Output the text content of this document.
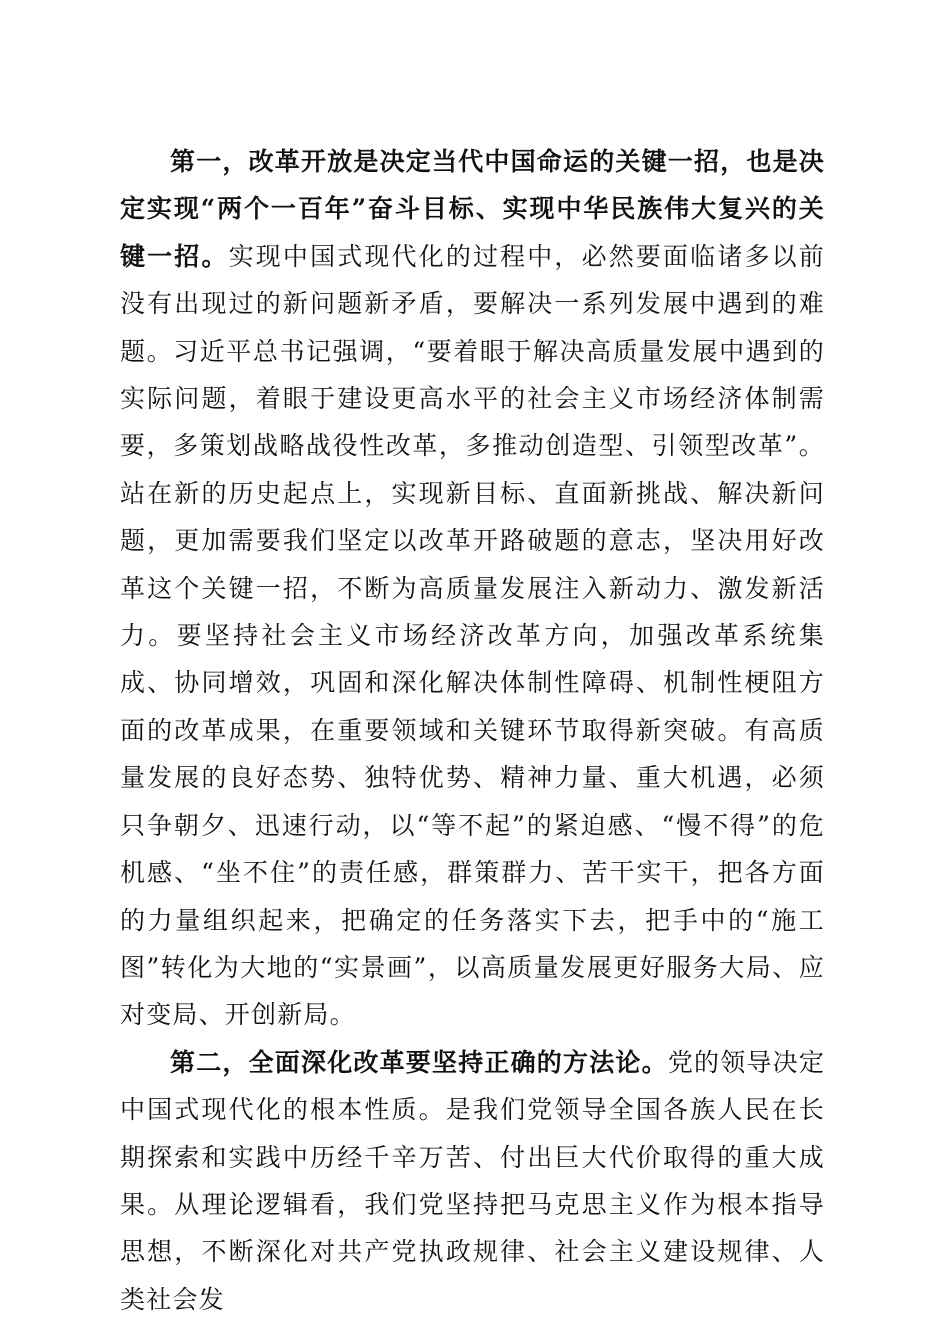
第一，改革开放是决定当代中国命运的关键一招，也是决定实现“两个一百年”奋斗目标、实现中华民族伟大复兴的关键一招。实现中国式现代化的过程中，必然要面临诸多以前没有出现过的新问题新矛盾，要解决一系列发展中遇到的难题。习近平总书记强调，“要着眼于解决高质量发展中遇到的实际问题，着眼于建设更高水平的社会主义市场经济体制需要，多策划战略战役性改革，多推动创造型、引领型改革”。站在新的历史起点上，实现新目标、直面新挑战、解决新问题，更加需要我们坚定以改革开路破题的意志，坚决用好改革这个关键一招，不断为高质量发展注入新动力、激发新活力。要坚持社会主义市场经济改革方向，加强改革系统集成、协同增效，巩固和深化解决体制性障碍、机制性梗阻方面的改革成果，在重要领域和关键环节取得新突破。有高质量发展的良好态势、独特优势、精神力量、重大机遇，必须只争朝夕、迅速行动，以“等不起”的紧迫感、“慢不得”的危机感、“坐不住”的责任感，群策群力、苦干实干，把各方面的力量组织起来，把确定的任务落实下去，把手中的“施工图”转化为大地的“实景画”，以高质量发展更好服务大局、应对变局、开创新局。

第二，全面深化改革要坚持正确的方法论。党的领导决定中国式现代化的根本性质。是我们党领导全国各族人民在长期探索和实践中历经千辛万苦、付出巨大代价取得的重大成果。从理论逻辑看，我们党坚持把马克思主义作为根本指导思想，不断深化对共产党执政规律、社会主义建设规律、人类社会发
